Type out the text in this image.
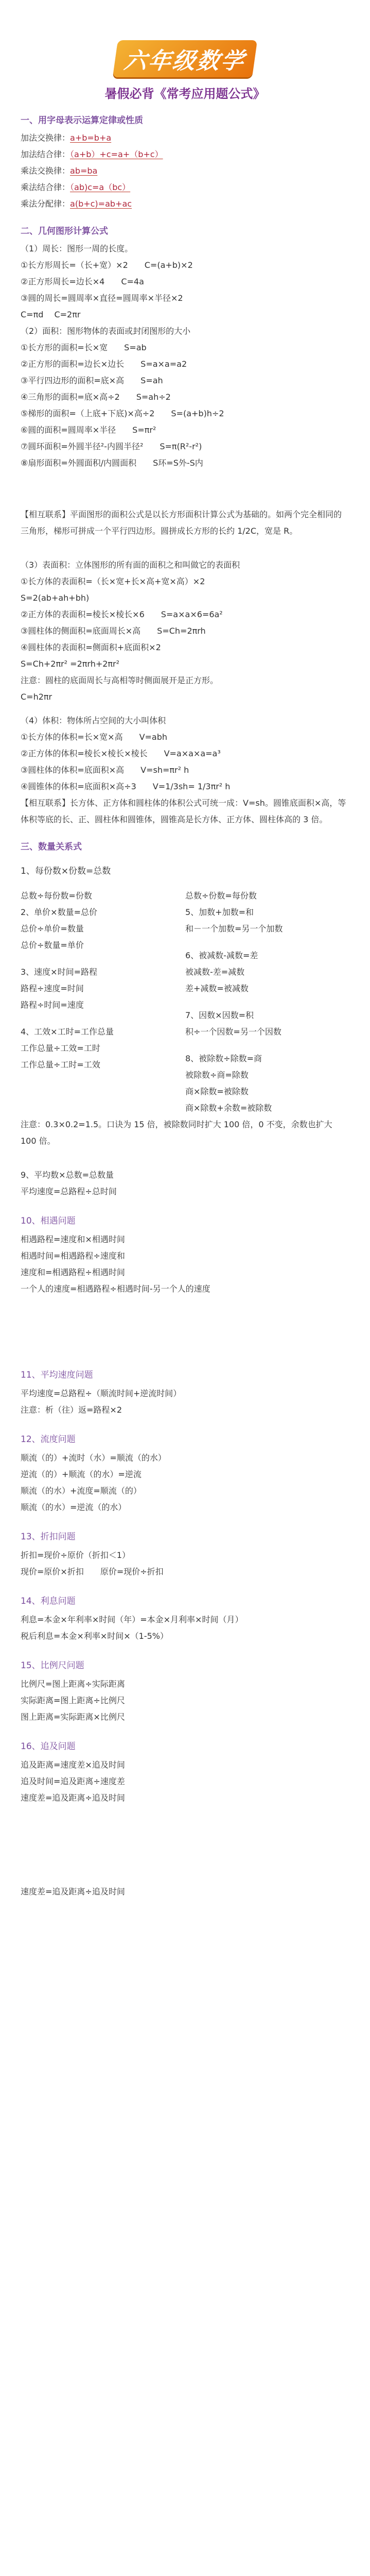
六年级数学
暑假必背《常考应用题公式》
一、用字母表示运算定律或性质
加法交换律：a+b=b+a
加法结合律：（a+b）+c=a+（b+c）
乘法交换律：ab=ba
乘法结合律：（ab)c=a（bc）
乘法分配律：a(b+c)=ab+ac
二、几何图形计算公式
（1）周长：图形一周的长度。
①长方形周长=（长+宽）×2　　C=(a+b)×2
②正方形周长=边长×4　　C=4a
③圆的周长=圆周率×直径=圆周率×半径×2
C=πd　 C=2πr
（2）面积：图形物体的表面或封闭图形的大小
①长方形的面积=长×宽　　S=ab
②正方形的面积=边长×边长　　S=a×a=a2
③平行四边形的面积=底×高　　S=ah
④三角形的面积=底×高÷2　　S=ah÷2
⑤梯形的面积=（上底+下底)×高÷2　　S=(a+b)h÷2
⑥圆的面积=圆周率×半径　　S=πr²
⑦圆环面积=外圆半径²-内圆半径²　　S=π(R²-r²)
⑧扇形面积=外圆面积/内圆面积　　S环=S外-S内
【相互联系】平面图形的面积公式是以长方形面积计算公式为基础的。如两个完全相同的三角形，梯形可拼成一个平行四边形。圆拼成长方形的长约 1/2C，宽是 R。
（3）表面积：立体图形的所有面的面积之和叫做它的表面积
①长方体的表面积=（长×宽+长×高+宽×高）×2
S=2(ab+ah+bh)
②正方体的表面积=棱长×棱长×6　　S=a×a×6=6a²
③圆柱体的侧面积=底面周长×高　　S=Ch=2πrh
④圆柱体的表面积=侧面积+底面积×2
S=Ch+2πr² =2πrh+2πr²
注意：圆柱的底面周长与高相等时侧面展开是正方形。
C=h2πr
（4）体积：物体所占空间的大小叫体积
①长方体的体积=长×宽×高　　V=abh
②正方体的体积=棱长×棱长×棱长　　V=a×a×a=a³
③圆柱体的体积=底面积×高　　V=sh=πr² h
④圆锥体的体积=底面积×高÷3　　V=1/3sh= 1/3πr² h
【相互联系】长方体、正方体和圆柱体的体积公式可统一成：V=sh。圆锥底面积×高，等体积等底的长、正、圆柱体和圆锥体，圆锥高是长方体、正方体、圆柱体高的 3 倍。
三、数量关系式
1、每份数×份数=总数
总数÷每份数=份数
2、单价×数量=总价
总价÷单价=数量
总价÷数量=单价
3、速度×时间=路程
路程÷速度=时间
路程÷时间=速度
4、工效×工时=工作总量
工作总量÷工效=工时
工作总量÷工时=工效
总数÷份数=每份数
5、加数+加数=和
和－一个加数=另一个加数
6、被减数-减数=差
被减数-差=减数
差+减数=被减数
7、因数×因数=积
积÷一个因数=另一个因数
8、被除数÷除数=商
被除数÷商=除数
商×除数=被除数
商×除数+余数=被除数
注意：0.3×0.2=1.5。口诀为 15 倍，被除数同时扩大 100 倍，0 不变，余数也扩大 100 倍。
9、平均数×总数=总数量
平均速度=总路程÷总时间
10、相遇问题
相遇路程=速度和×相遇时间
相遇时间=相遇路程÷速度和
速度和=相遇路程÷相遇时间
一个人的速度=相遇路程÷相遇时间-另一个人的速度
11、平均速度问题
平均速度=总路程÷（顺流时间+逆流时间）
注意：析（往）返=路程×2
12、流度问题
顺流（的）+流时（水）=顺流（的水）
逆流（的）+顺流（的水）=逆流
顺流（的水）+流度=顺流（的）
顺流（的水）=逆流（的水）
13、折扣问题
折扣=现价÷原价（折扣＜1）
现价=原价×折扣　　原价=现价÷折扣
14、利息问题
利息=本金×年利率×时间（年）=本金×月利率×时间（月）
税后利息=本金×利率×时间×（1-5%）
15、比例尺问题
比例尺=图上距离÷实际距离
实际距离=图上距离÷比例尺
图上距离=实际距离×比例尺
16、追及问题
追及距离=速度差×追及时间
追及时间=追及距离÷速度差
速度差=追及距离÷追及时间
速度差=追及距离÷追及时间
